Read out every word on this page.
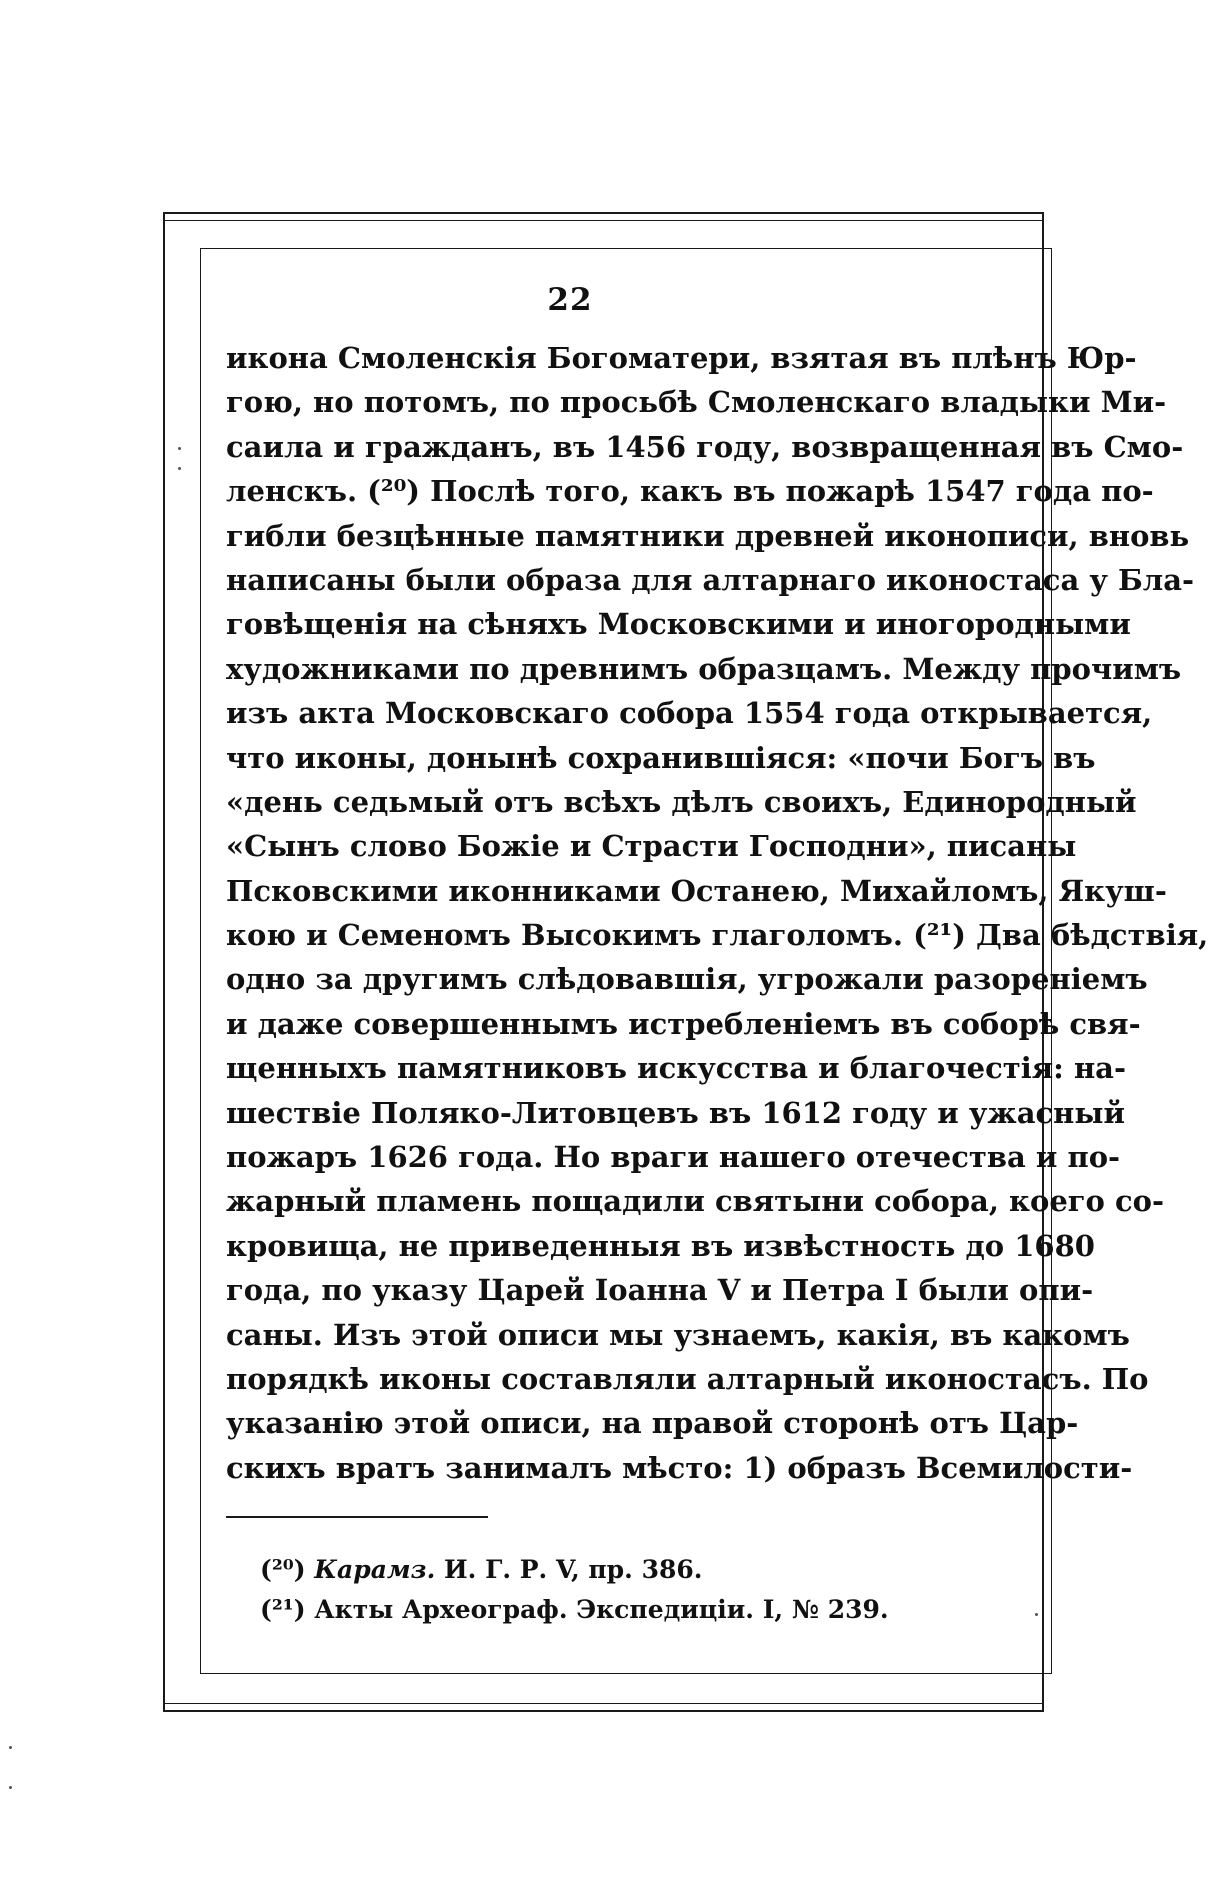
22
икона Смоленскія Богоматери, взятая въ плѣнъ Юр-
гою, но потомъ, по просьбѣ Смоленскаго владыки Ми-
саила и гражданъ, въ 1456 году, возвращенная въ Смо-
ленскъ. (²⁰) Послѣ того, какъ въ пожарѣ 1547 года по-
гибли безцѣнные памятники древней иконописи, вновь
написаны были образа для алтарнаго иконостаса у Бла-
говѣщенія на сѣняхъ Московскими и иногородными
художниками по древнимъ образцамъ. Между прочимъ
изъ акта Московскаго собора 1554 года открывается,
что иконы, донынѣ сохранившіяся: «почи Богъ въ
«день седьмый отъ всѣхъ дѣлъ своихъ, Единородный
«Сынъ слово Божіе и Страсти Господни», писаны
Псковскими иконниками Останею, Михайломъ, Якуш-
кою и Семеномъ Высокимъ глаголомъ. (²¹) Два бѣдствія,
одно за другимъ слѣдовавшія, угрожали разореніемъ
и даже совершеннымъ истребленіемъ въ соборѣ свя-
щенныхъ памятниковъ искусства и благочестія: на-
шествіе Поляко-Литовцевъ въ 1612 году и ужасный
пожаръ 1626 года. Но враги нашего отечества и по-
жарный пламень пощадили святыни собора, коего со-
кровища, не приведенныя въ извѣстность до 1680
года, по указу Царей Іоанна V и Петра I были опи-
саны. Изъ этой описи мы узнаемъ, какія, въ какомъ
порядкѣ иконы составляли алтарный иконостасъ. По
указанію этой описи, на правой сторонѣ отъ Цар-
скихъ вратъ занималъ мѣсто: 1) образъ Всемилости-
(²⁰) Карамз. И. Г. Р. V, пр. 386.
(²¹) Акты Археограф. Экспедиціи. I, № 239.
